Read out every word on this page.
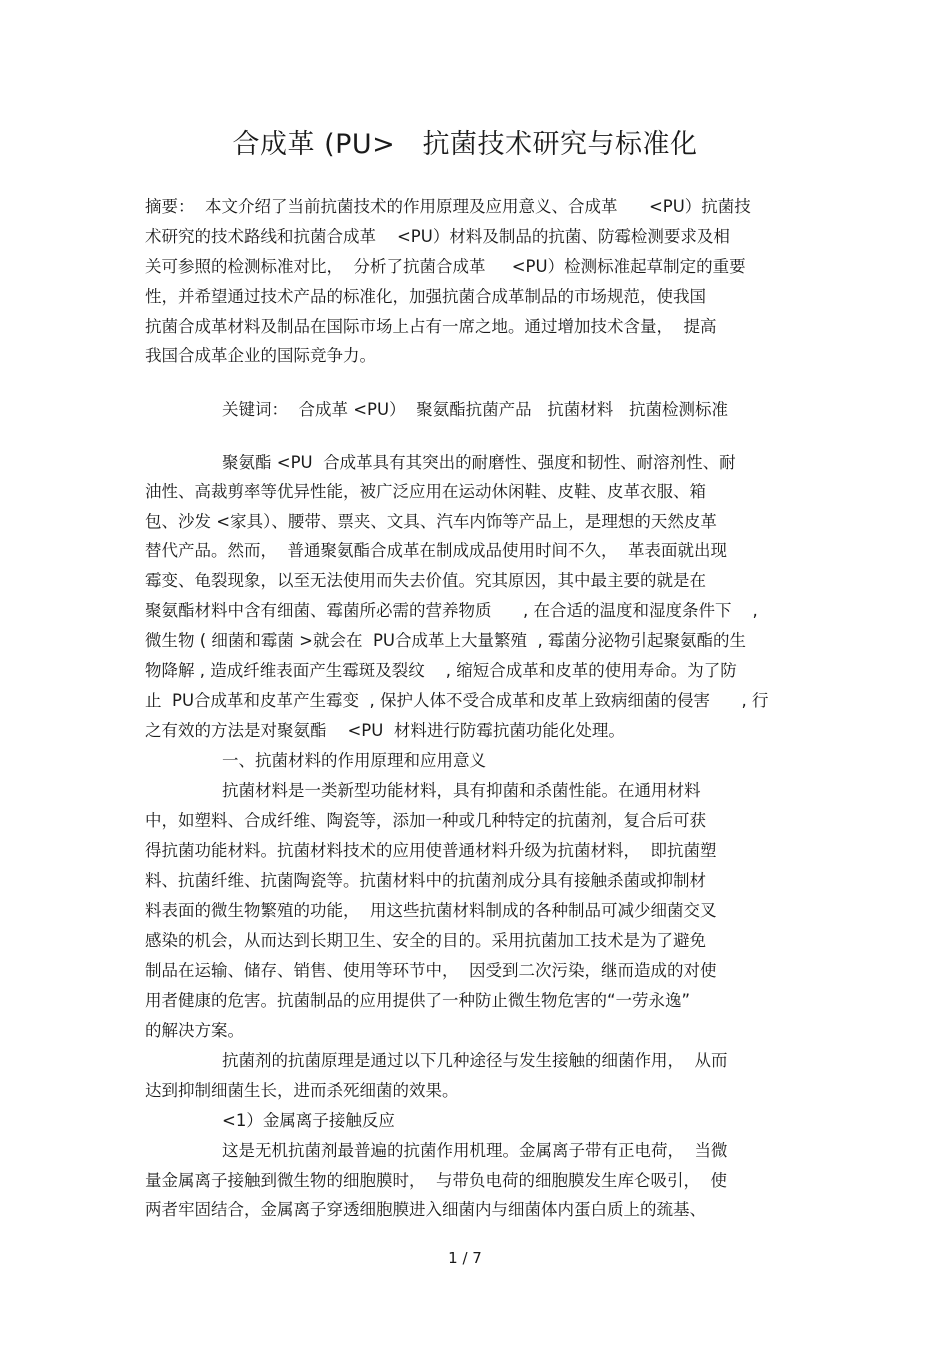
合成革 (PU>   抗菌技术研究与标准化
摘要：  本文介绍了当前抗菌技术的作用原理及应用意义、合成革      <PU）抗菌技
术研究的技术路线和抗菌合成革    <PU）材料及制品的抗菌、防霉检测要求及相
关可参照的检测标准对比，  分析了抗菌合成革     <PU）检测标准起草制定的重要
性，并希望通过技术产品的标准化，加强抗菌合成革制品的市场规范，使我国
抗菌合成革材料及制品在国际市场上占有一席之地。通过增加技术含量，  提高
我国合成革企业的国际竞争力。
关键词：  合成革 <PU）  聚氨酯抗菌产品   抗菌材料   抗菌检测标准
聚氨酯 <PU  合成革具有其突出的耐磨性、强度和韧性、耐溶剂性、耐
油性、高裁剪率等优异性能，被广泛应用在运动休闲鞋、皮鞋、皮革衣服、箱
包、沙发 <家具）、腰带、票夹、文具、汽车内饰等产品上，是理想的天然皮革
替代产品。然而，  普通聚氨酯合成革在制成成品使用时间不久，  革表面就出现
霉变、龟裂现象，以至无法使用而失去价值。究其原因，其中最主要的就是在
聚氨酯材料中含有细菌、霉菌所必需的营养物质      , 在合适的温度和湿度条件下    ,
微生物 ( 细菌和霉菌 >就会在  PU合成革上大量繁殖  , 霉菌分泌物引起聚氨酯的生
物降解 , 造成纤维表面产生霉斑及裂纹    , 缩短合成革和皮革的使用寿命。为了防
止  PU合成革和皮革产生霉变  , 保护人体不受合成革和皮革上致病细菌的侵害      , 行
之有效的方法是对聚氨酯    <PU  材料进行防霉抗菌功能化处理。
一、抗菌材料的作用原理和应用意义
抗菌材料是一类新型功能材料，具有抑菌和杀菌性能。在通用材料
中，如塑料、合成纤维、陶瓷等，添加一种或几种特定的抗菌剂，复合后可获
得抗菌功能材料。抗菌材料技术的应用使普通材料升级为抗菌材料，  即抗菌塑
料、抗菌纤维、抗菌陶瓷等。抗菌材料中的抗菌剂成分具有接触杀菌或抑制材
料表面的微生物繁殖的功能，  用这些抗菌材料制成的各种制品可减少细菌交叉
感染的机会，从而达到长期卫生、安全的目的。采用抗菌加工技术是为了避免
制品在运输、储存、销售、使用等环节中，  因受到二次污染，继而造成的对使
用者健康的危害。抗菌制品的应用提供了一种防止微生物危害的“一劳永逸”
的解决方案。
抗菌剂的抗菌原理是通过以下几种途径与发生接触的细菌作用，  从而
达到抑制细菌生长，进而杀死细菌的效果。
<1）金属离子接触反应
这是无机抗菌剂最普遍的抗菌作用机理。金属离子带有正电荷，  当微
量金属离子接触到微生物的细胞膜时，  与带负电荷的细胞膜发生库仑吸引，  使
两者牢固结合，金属离子穿透细胞膜进入细菌内与细菌体内蛋白质上的巯基、
1 / 7
